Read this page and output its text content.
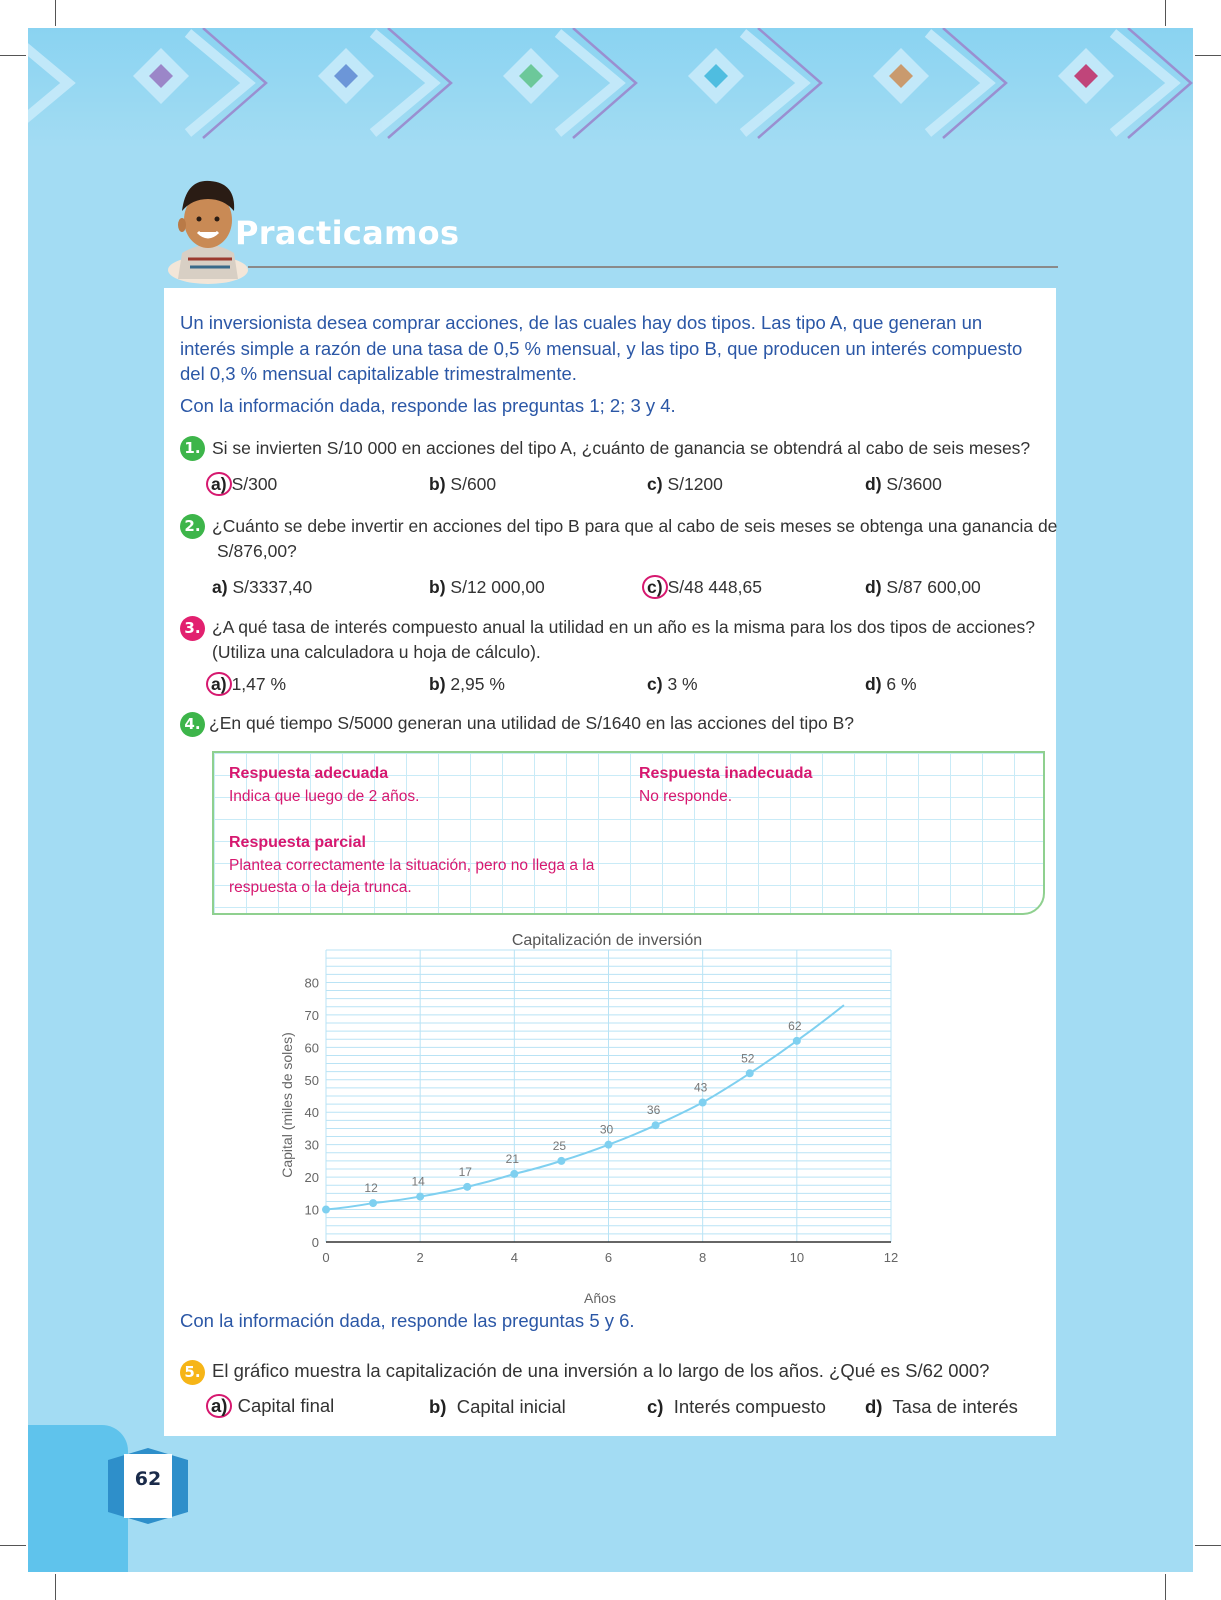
Practicamos
Un inversionista desea comprar acciones, de las cuales hay dos tipos. Las tipo A, que generan un interés simple a razón de una tasa de 0,5 % mensual, y las tipo B, que producen un interés compuesto del 0,3 % mensual capitalizable trimestralmente.
Con la información dada, responde las preguntas 1; 2; 3 y 4.
1. Si se invierten S/10 000 en acciones del tipo A, ¿cuánto de ganancia se obtendrá al cabo de seis meses?
a) S/300	b) S/600	c) S/1200	d) S/3600
2. ¿Cuánto se debe invertir en acciones del tipo B para que al cabo de seis meses se obtenga una ganancia de
S/876,00?
a) S/3337,40	b) S/12 000,00	c) S/48 448,65	d) S/87 600,00
3. ¿A qué tasa de interés compuesto anual la utilidad en un año es la misma para los dos tipos de acciones?
(Utiliza una calculadora u hoja de cálculo).
a) 1,47 %	b) 2,95 %	c) 3 %	d) 6 %
4. ¿En qué tiempo S/5000 generan una utilidad de S/1640 en las acciones del tipo B?
Respuesta adecuada
Indica que luego de 2 años.
Respuesta inadecuada
No responde.
Respuesta parcial
Plantea correctamente la situación, pero no llega a la
respuesta o la deja trunca.
Capitalización de inversión
Años
Capital (miles de soles)
0	2	4	6	8	10	12
0
10
20
30
40
50
60
70
80
12	14
17
21
25
30
36
43
52
62
Con la información dada, responde las preguntas 5 y 6.
5. El gráfico muestra la capitalización de una inversión a lo largo de los años. ¿Qué es S/62 000?
a) Capital final	b) Capital inicial	c) Interés compuesto d) Tasa de interés
62
